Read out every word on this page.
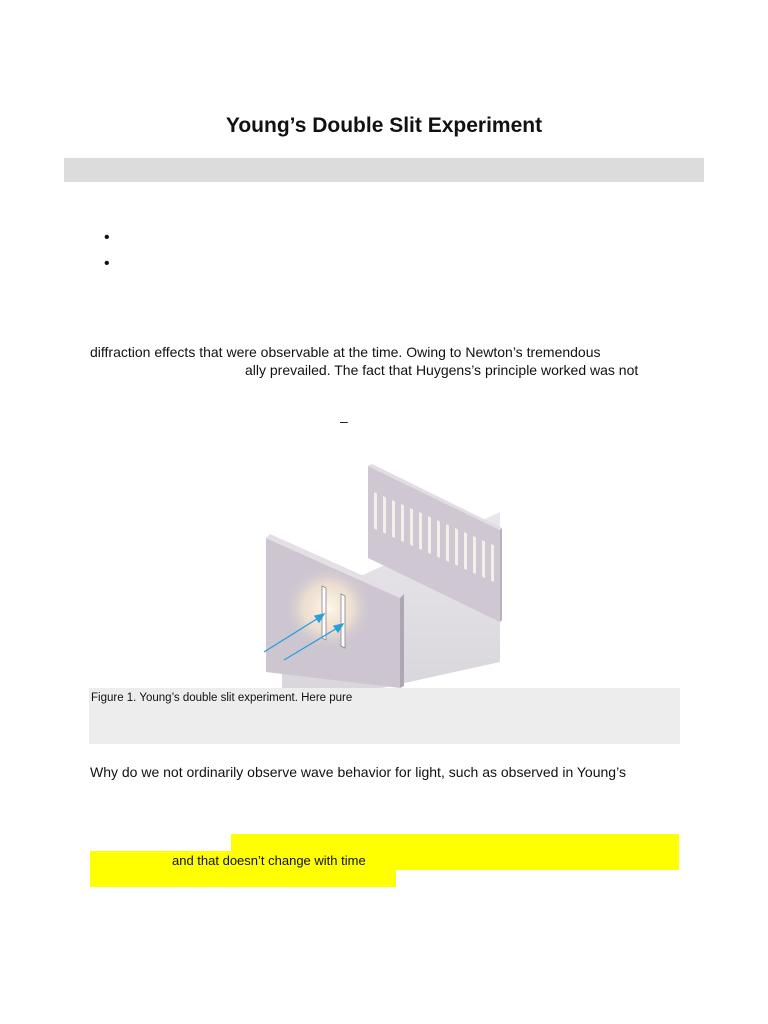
Young’s Double Slit Experiment
•
•
diffraction effects that were observable at the time. Owing to Newton’s tremendous
ally prevailed. The fact that Huygens’s principle worked was not
–
Figure 1. Young’s double slit experiment. Here pure
Why do we not ordinarily observe wave behavior for light, such as observed in Young’s
and that doesn’t change with time
